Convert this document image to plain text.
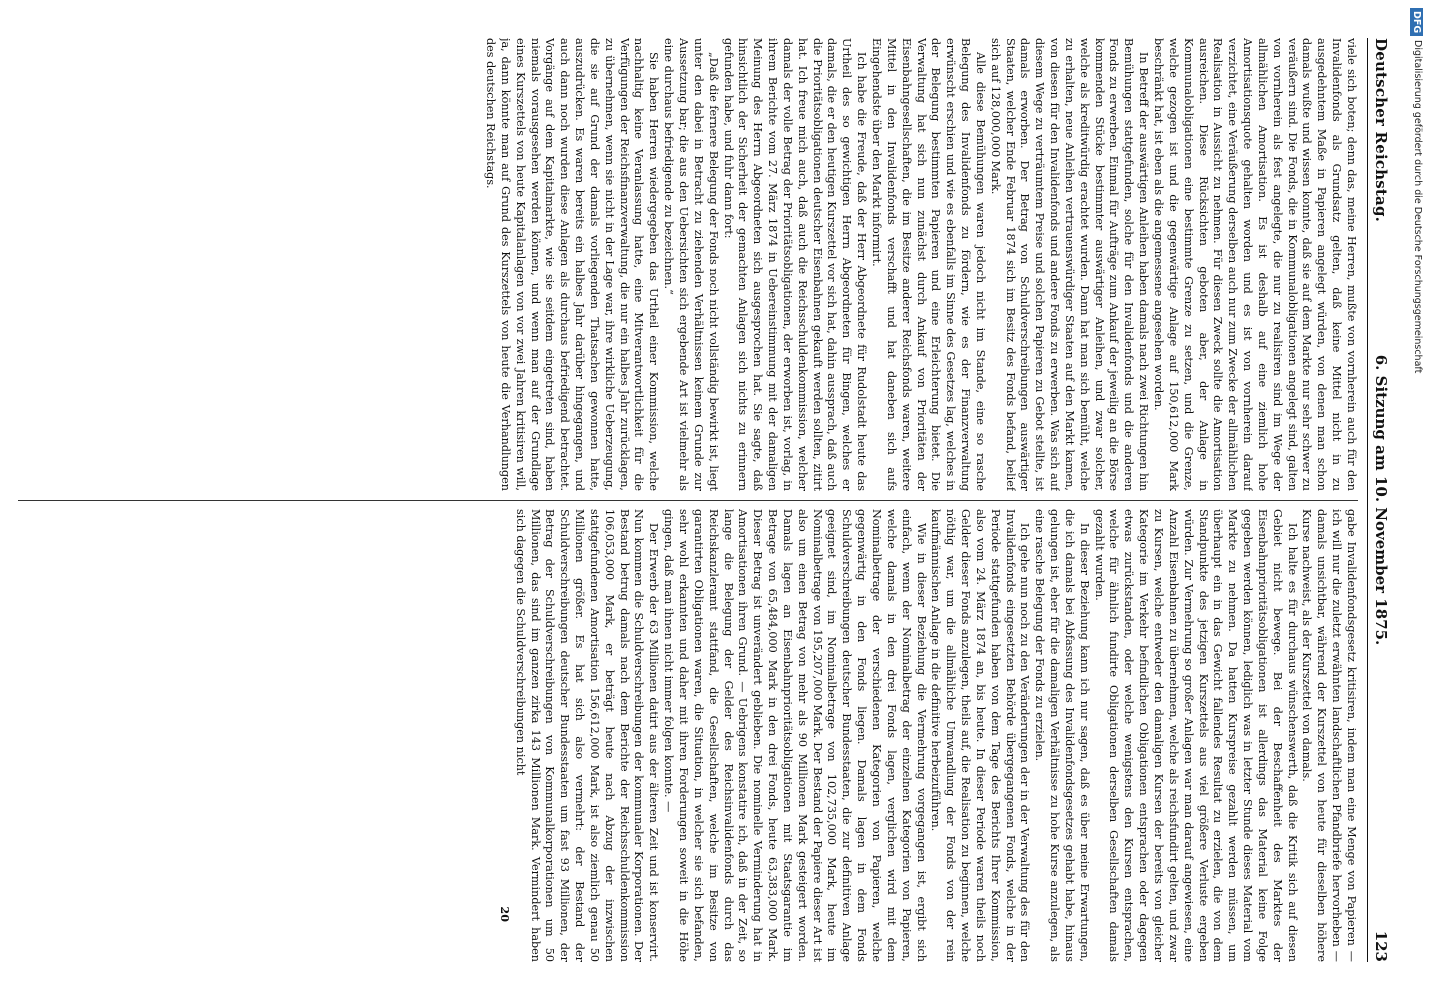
Deutscher Reichstag.
6. Sitzung am 10. November 1875.
123

viele sich boten; denn das, meine Herren, mußte von vornherein auch für den Invalidenfonds als Grundsatz gelten, daß keine Mittel nicht in zu ausgedehntem Maße in Papieren angelegt würden, von denen man schon damals wußte und wissen konnte, daß sie auf dem Markte nur sehr schwer zu veräußern sind. Die Fonds, die in Kommunalobligationen angelegt sind, galten von vornherein als fest angelegte, die nur zu realisiren sind im Wege der allmählichen Amortisation. Es ist deshalb auf eine ziemlich hohe Amortisationsquote gehalten worden und es ist von vornherein darauf verzichtet, eine Veräußerung derselben auch nur zum Zwecke der allmählichen Realisation in Aussicht zu nehmen. Für diesen Zweck sollte die Amortisation ausreichen. Diese Rücksichten geboten aber, der Anlage in Kommunalobligationen eine bestimmte Grenze zu setzen, und die Grenze, welche gezogen ist und die gegenwärtige Anlage auf 150,612,000 Mark beschränkt hat, ist eben als die angemessene angesehen worden.

In Betreff der auswärtigen Anleihen haben damals nach zwei Richtungen hin Bemühungen stattgefunden, solche für den Invalidenfonds und die anderen Fonds zu erwerben. Einmal für Aufträge zum Ankauf der jeweilig an die Börse kommenden Stücke bestimmter auswärtiger Anleihen, und zwar solcher, welche als kreditwürdig erachtet wurden. Dann hat man sich bemüht, welche zu erhalten, neue Anleihen vertrauenswürdiger Staaten auf den Markt kamen, von diesen für den Invalidenfonds und andere Fonds zu erwerben. Was sich auf diesem Wege zu verträumtem Preise und solchen Papieren zu Gebot stellte, ist damals erworben. Der Betrag von Schuldverschreibungen auswärtiger Staaten, welcher Ende Februar 1874 sich im Besitz des Fonds befand, belief sich auf 128,000,000 Mark.

Alle diese Bemühungen waren jedoch nicht im Stande, eine so rasche Belegung des Invalidenfonds zu fördern, wie es der Finanzverwaltung erwünscht erschien und wie es ebenfalls im Sinne des Gesetzes lag, welches in der Belegung bestimmten Papieren und eine Erleichterung bietet. Die Verwaltung hat sich nun zunächst durch Ankauf von Prioritäten der Eisenbahngesellschaften, die im Besitze anderer Reichsfonds waren, weitere Mittel in den Invalidenfonds verschafft und hat daneben sich aufs Eingehendste über den Markt informirt.

Ich habe die Freude, daß der Herr Abgeordnete für Rudolstadt heute das Urtheil des so gewichtigen Herrn Abgeordneten für Bingen, welches er damals, die er den heutigen Kurszettel vor sich hat, dahin aussprach, daß auch die Prioritätsobligationen deutscher Eisenbahnen gekauft werden sollten, zitirt hat. Ich freue mich auch, daß auch die Reichsschuldenkommission, welcher damals der volle Betrag der Prioritätsobligationen, der erworben ist, vorlag, in ihrem Berichte vom 27. März 1874 in Uebereinstimmung mit der damaligen Meinung des Herrn Abgeordneten sich ausgesprochen hat. Sie sagte, daß hinsichtlich der Sicherheit der gemachten Anlagen sich nichts zu erinnern gefunden habe, und fuhr dann fort:

„Daß die fernere Belegung der Fonds noch nicht vollständig bewirkt ist, liegt unter den dabei in Betracht zu ziehenden Verhältnissen keinem Grunde zur Aussetzung bar; die aus den Uebersichten sich ergebende Art ist vielmehr als eine durchaus befriedigende zu bezeichnen.“

Sie haben Herren wiedergegeben das Urtheil einer Kommission, welche nachhaltig keine Veranlassung hatte, eine Mitverantwortlichkeit für die Verfügungen der Reichsfinanzverwaltung, die nur ein halbes Jahr zurücklagen, zu übernehmen, wenn sie nicht in der Lage war, ihre wirkliche Ueberzeugung, die sie auf Grund der damals vorliegenden Thatsachen gewonnen hatte, auszudrücken. Es waren bereits ein halbes Jahr darüber hingegangen, und auch dann noch wurden diese Anlagen als durchaus befriedigend betrachtet. Vorgänge auf dem Kapitalmarkte, wie sie seitdem eingetreten sind, haben niemals vorausgesehen werden können, und wenn man auf der Grundlage eines Kurszettels von heute Kapitalanlagen von vor zwei Jahren kritisiren will, ja, dann könnte man auf Grund des Kurszettels von heute die Verhandlungen des deutschen Reichstags.

gabe Invalidenfondsgesetz kritisiren, indem man eine Menge von Papieren — ich will nur die zuletzt erwähnten landschaftlichen Pfandbriefe hervorheben — damals unsichtbar, während der Kurszettel von heute für dieselben höhere Kurse nachweist, als der Kurszettel von damals.

Ich halte es für durchaus wünschenswerth, daß die Kritik sich auf diesen Gebiet nicht bewege. Bei der Beschaffenheit des Marktes der Eisenbahnprioritätsobligationen ist allerdings das Material keine Folge gegeben werden können, lediglich was in letzter Stunde dieses Material vom Markte zu nehmen. Da hatten Kurspreise gezahlt werden müssen, um überhaupt ein in das Gewicht fallendes Resultat zu erzielen, die von dem Standpunkte des jetzigen Kurszettels aus viel größere Verluste ergeben würden. Zur Vermehrung so großer Anlagen war man darauf angewiesen, eine Anzahl Eisenbahnen zu übernehmen, welche als reichsfundirt gelten, und zwar zu Kursen, welche entweder den damaligen Kursen der bereits von gleicher Kategorie im Verkehr befindlichen Obligationen entsprachen oder dagegen etwas zurückstanden, oder welche wenigstens den Kursen entsprachen, welche für ähnlich fundirte Obligationen derselben Gesellschaften damals gezahlt wurden.

In dieser Beziehung kann ich nur sagen, daß es über meine Erwartungen, die ich damals bei Abfassung des Invalidenfondsgesetzes gehabt habe, hinaus gelungen ist, eher für die damaligen Verhältnisse zu hohe Kurse anzulegen, als eine rasche Belegung der Fonds zu erzielen.

Ich gehe nun noch zu den Veränderungen der in der Verwaltung des für den Invalidenfonds eingesetzten Behörde übergegangenen Fonds, welche in der Periode stattgefunden haben von dem Tage des Berichts Ihrer Kommission, also vom 24. März 1874 an, bis heute. In dieser Periode waren theils noch Gelder dieser Fonds anzulegen, theils auf, die Realisation zu beginnen, welche nöthig war, um die allmähliche Umwandlung der Fonds von der rein kaufmännischen Anlage in die definitive herbeizuführen.

Wie in dieser Beziehung die Vermehrung vorgegangen ist, ergibt sich einfach, wenn der Nominalbetrag der einzelnen Kategorien von Papieren, welche damals in den drei Fonds lagen, verglichen wird mit dem Nominalbetrage der verschiedenen Kategorien von Papieren, welche gegenwärtig in den Fonds liegen. Damals lagen in dem Fonds Schuldverschreibungen deutscher Bundesstaaten, die zur definitiven Anlage geeignet sind, im Nominalbetrage von 102,735,000 Mark, heute im Nominalbetrage von 195,207,000 Mark. Der Bestand der Papiere dieser Art ist also um einen Betrag von mehr als 90 Millionen Mark gesteigert worden. Damals lagen an Eisenbahnprioritätsobligationen mit Staatsgarantie im Betrage von 65,484,000 Mark in den drei Fonds, heute 63,383,000 Mark. Dieser Betrag ist unverändert geblieben. Die nominelle Verminderung hat in Amortisationen ihren Grund. — Uebrigens konstatire ich, daß in der Zeit, so lange die Belegung der Gelder des Reichsinvalidenfonds durch das Reichskanzleramt stattfand, die Gesellschaften, welche im Besitze von garantirten Obligationen waren, die Situation, in welcher sie sich befanden, sehr wohl erkannten und daher mit ihren Forderungen soweit in die Höhe gingen, daß man ihnen nicht immer folgen konnte. —

Der Erwerb der 63 Millionen datirt aus der älteren Zeit und ist konservirt. Nun kommen die Schuldverschreibungen der kommunaler Korporationen. Der Bestand betrug damals nach dem Berichte der Reichsschuldenkommission 106,053,000 Mark, er beträgt heute nach Abzug der inzwischen stattgefundenen Amortisation 156,612,000 Mark, ist also ziemlich genau 50 Millionen größer. Es hat sich also vermehrt: der Bestand der Schuldverschreibungen deutscher Bundesstaaten um fast 93 Millionen, der Betrag der Schuldverschreibungen von Kommunalkorporationen um 50 Millionen, das sind im ganzen zirka 143 Millionen Mark. Vermindert haben sich dagegen die Schuldverschreibungen nicht

20

DFG
Digitalisierung gefördert durch die Deutsche Forschungsgemeinschaft
